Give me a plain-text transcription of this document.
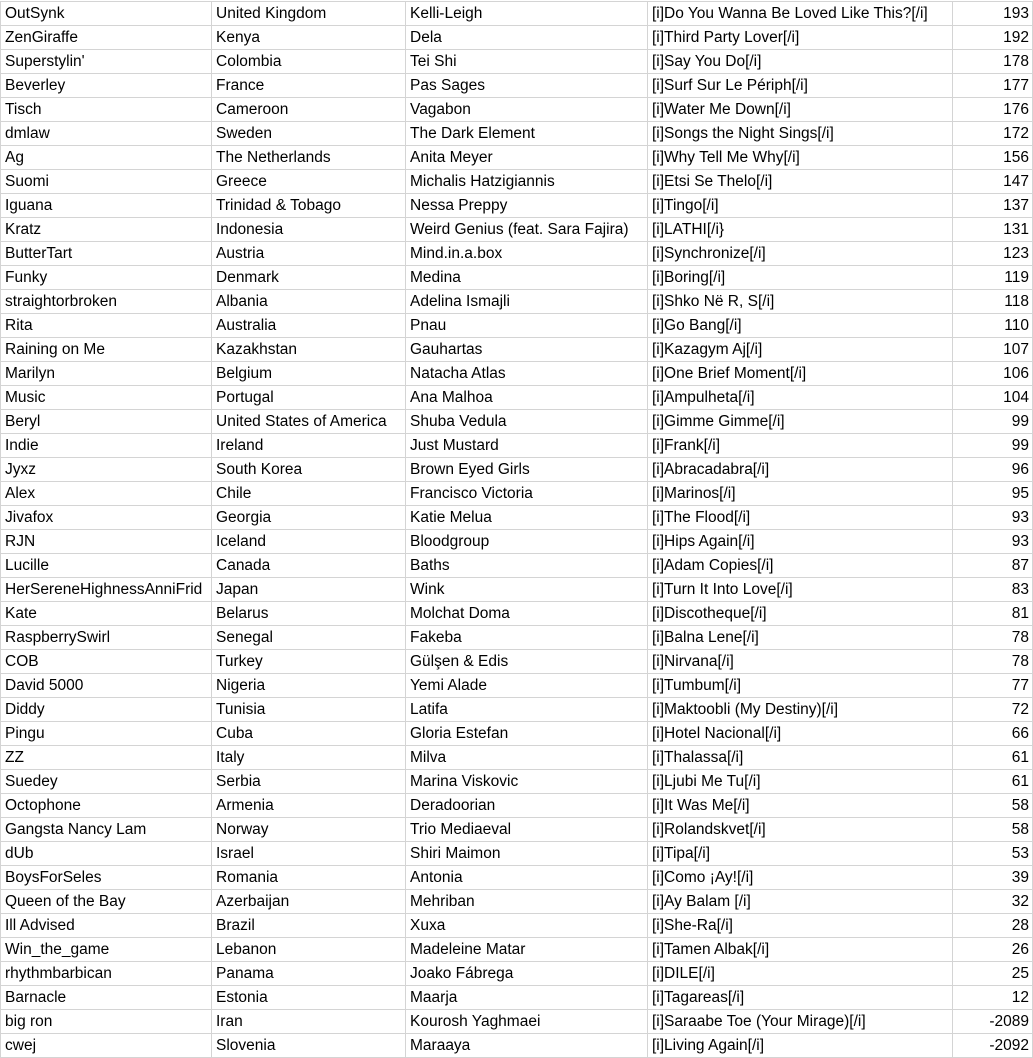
OutSynk	United Kingdom	Kelli-Leigh	[i]Do You Wanna Be Loved Like This?[/i]	193
ZenGiraffe	Kenya	Dela	[i]Third Party Lover[/i]	192
Superstylin'	Colombia	Tei Shi	[i]Say You Do[/i]	178
Beverley	France	Pas Sages	[i]Surf Sur Le Périph[/i]	177
Tisch	Cameroon	Vagabon	[i]Water Me Down[/i]	176
dmlaw	Sweden	The Dark Element	[i]Songs the Night Sings[/i]	172
Ag	The Netherlands	Anita Meyer	[i]Why Tell Me Why[/i]	156
Suomi	Greece	Michalis Hatzigiannis	[i]Etsi Se Thelo[/i]	147
Iguana	Trinidad & Tobago	Nessa Preppy	[i]Tingo[/i]	137
Kratz	Indonesia	Weird Genius (feat. Sara Fajira)	[i]LATHI[/i}	131
ButterTart	Austria	Mind.in.a.box	[i]Synchronize[/i]	123
Funky	Denmark	Medina	[i]Boring[/i]	119
straightorbroken	Albania	Adelina Ismajli	[i]Shko Në R, S[/i]	118
Rita	Australia	Pnau	[i]Go Bang[/i]	110
Raining on Me	Kazakhstan	Gauhartas	[i]Kazagym Aj[/i]	107
Marilyn	Belgium	Natacha Atlas	[i]One Brief Moment[/i]	106
Music	Portugal	Ana Malhoa	[i]Ampulheta[/i]	104
Beryl	United States of America	Shuba Vedula	[i]Gimme Gimme[/i]	99
Indie	Ireland	Just Mustard	[i]Frank[/i]	99
Jyxz	South Korea	Brown Eyed Girls	[i]Abracadabra[/i]	96
Alex	Chile	Francisco Victoria	[i]Marinos[/i]	95
Jivafox	Georgia	Katie Melua	[i]The Flood[/i]	93
RJN	Iceland	Bloodgroup	[i]Hips Again[/i]	93
Lucille	Canada	Baths	[i]Adam Copies[/i]	87
HerSereneHighnessAnniFrid	Japan	Wink	[i]Turn It Into Love[/i]	83
Kate	Belarus	Molchat Doma	[i]Discotheque[/i]	81
RaspberrySwirl	Senegal	Fakeba	[i]Balna Lene[/i]	78
COB	Turkey	Gülşen & Edis	[i]Nirvana[/i]	78
David 5000	Nigeria	Yemi Alade	[i]Tumbum[/i]	77
Diddy	Tunisia	Latifa	[i]Maktoobli (My Destiny)[/i]	72
Pingu	Cuba	Gloria Estefan	[i]Hotel Nacional[/i]	66
ZZ	Italy	Milva	[i]Thalassa[/i]	61
Suedey	Serbia	Marina Viskovic	[i]Ljubi Me Tu[/i]	61
Octophone	Armenia	Deradoorian	[i]It Was Me[/i]	58
Gangsta Nancy Lam	Norway	Trio Mediaeval	[i]Rolandskvet[/i]	58
dUb	Israel	Shiri Maimon	[i]Tipa[/i]	53
BoysForSeles	Romania	Antonia	[i]Como ¡Ay![/i]	39
Queen of the Bay	Azerbaijan	Mehriban	[i]Ay Balam [/i]	32
Ill Advised	Brazil	Xuxa	[i]She-Ra[/i]	28
Win_the_game	Lebanon	Madeleine Matar	[i]Tamen Albak[/i]	26
rhythmbarbican	Panama	Joako Fábrega	[i]DILE[/i]	25
Barnacle	Estonia	Maarja	[i]Tagareas[/i]	12
big ron	Iran	Kourosh Yaghmaei	[i]Saraabe Toe (Your Mirage)[/i]	-2089
cwej	Slovenia	Maraaya	[i]Living Again[/i]	-2092
